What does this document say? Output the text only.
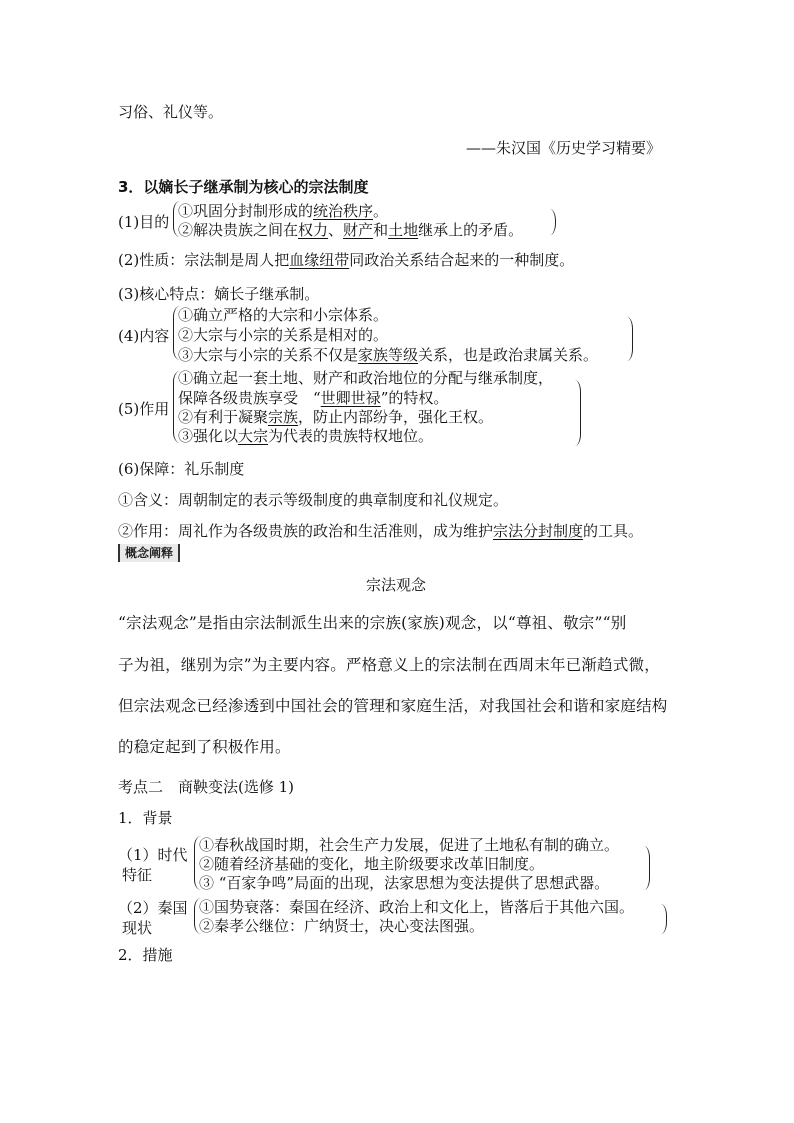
习俗、礼仪等。
——朱汉国《历史学习精要》
3．以嫡长子继承制为核心的宗法制度
(1)目的
①巩固分封制形成的统治秩序。
②解决贵族之间在权力、财产和土地继承上的矛盾。
(2)性质：宗法制是周人把血缘纽带同政治关系结合起来的一种制度。
(3)核心特点：嫡长子继承制。
(4)内容
①确立严格的大宗和小宗体系。
②大宗与小宗的关系是相对的。
③大宗与小宗的关系不仅是家族等级关系，也是政治隶属关系。
(5)作用
①确立起一套土地、财产和政治地位的分配与继承制度，
保障各级贵族享受　“世卿世禄”的特权。
②有利于凝聚宗族，防止内部纷争，强化王权。
③强化以大宗为代表的贵族特权地位。
(6)保障：礼乐制度
①含义：周朝制定的表示等级制度的典章制度和礼仪规定。
②作用：周礼作为各级贵族的政治和生活准则，成为维护宗法分封制度的工具。
概念阐释
宗法观念
“宗法观念”是指由宗法制派生出来的宗族(家族)观念，以“尊祖、敬宗”“别
子为祖，继别为宗”为主要内容。严格意义上的宗法制在西周末年已渐趋式微，
但宗法观念已经渗透到中国社会的管理和家庭生活，对我国社会和谐和家庭结构
的稳定起到了积极作用。
考点二　商鞅变法(选修 1)
1．背景
（1）时代
特征
①春秋战国时期，社会生产力发展，促进了土地私有制的确立。
②随着经济基础的变化，地主阶级要求改革旧制度。
③ “百家争鸣”局面的出现，法家思想为变法提供了思想武器。
（2）秦国
现状
①国势衰落：秦国在经济、政治上和文化上，皆落后于其他六国。
②秦孝公继位：广纳贤士，决心变法图强。
2．措施
